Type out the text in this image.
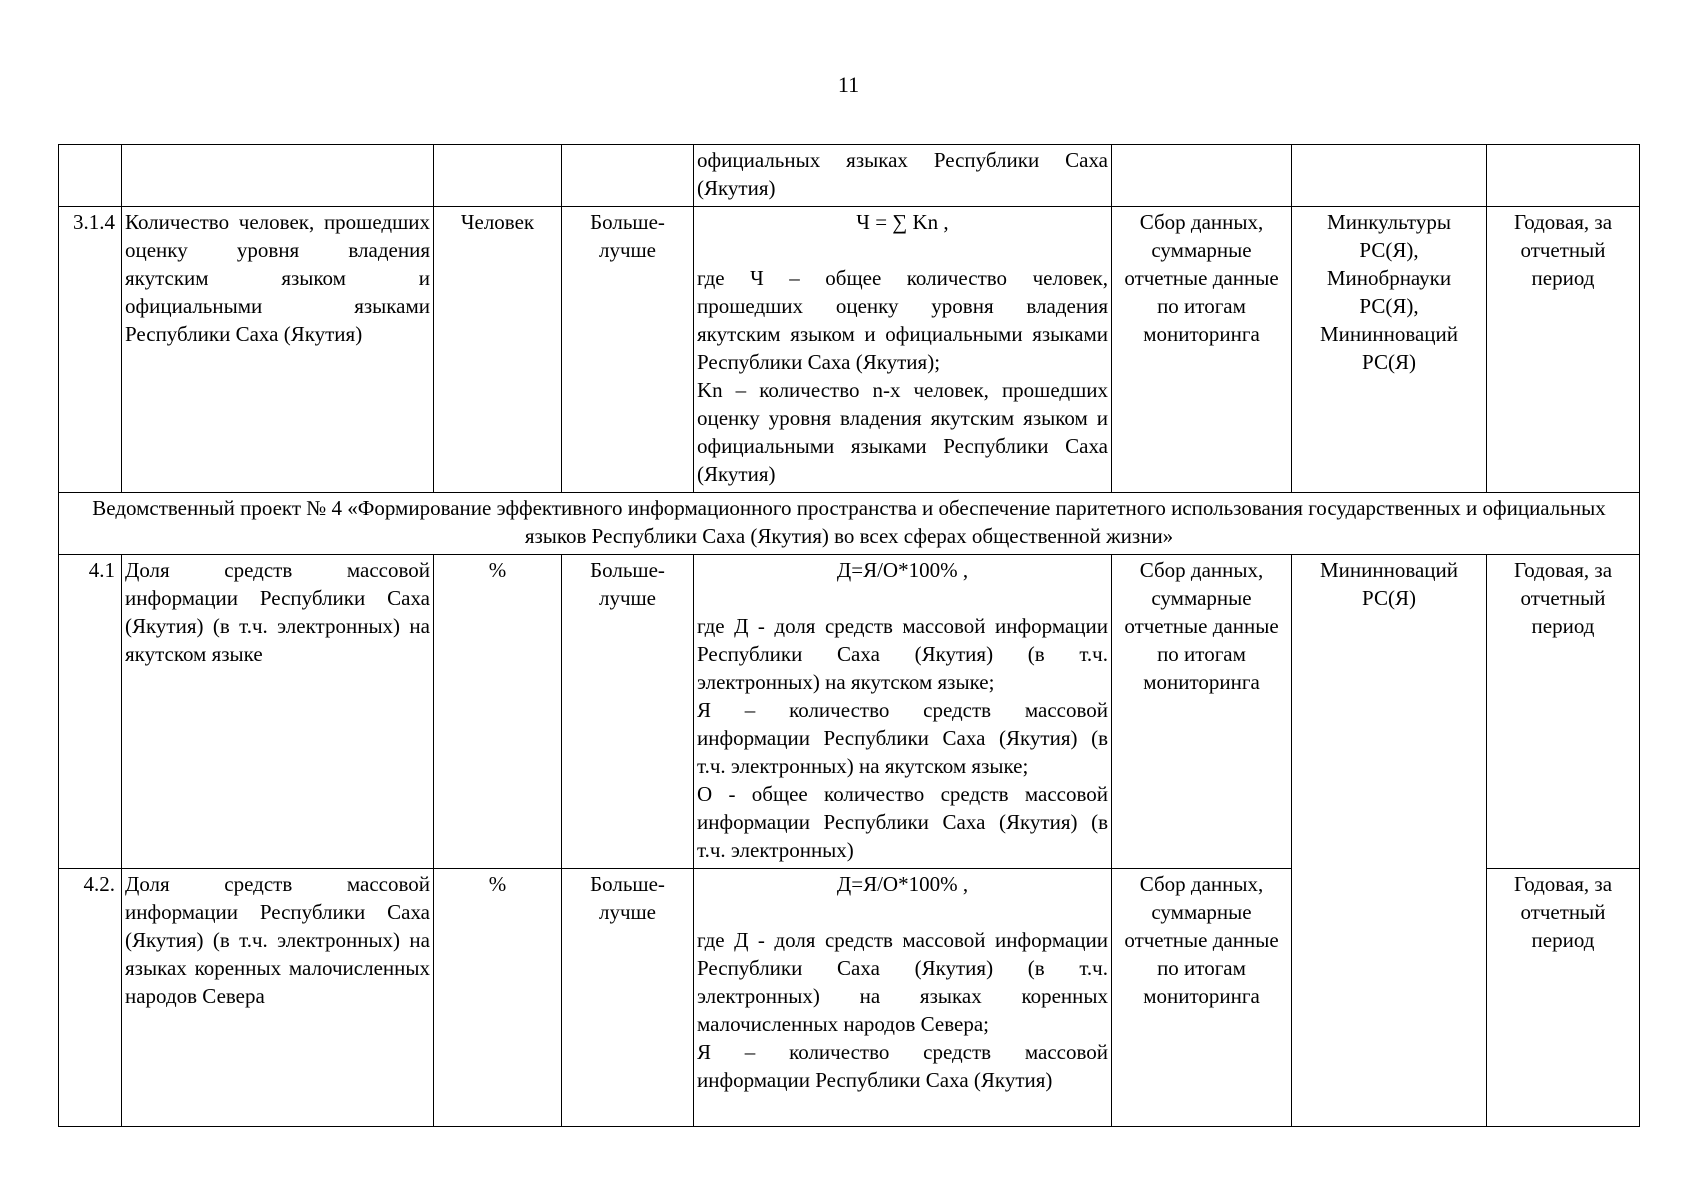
11

				официальных языках Республики Саха (Якутия)			

3.1.4	Количество человек, прошедших оценку уровня владения якутским языком и официальными языками Республики Саха (Якутия)	Человек	Больше-лучше	Ч = ∑ Kn ,
где Ч – общее количество человек, прошедших оценку уровня владения якутским языком и официальными языками Республики Саха (Якутия);
Kn – количество n-х человек, прошедших оценку уровня владения якутским языком и официальными языками Республики Саха (Якутия)	Сбор данных, суммарные отчетные данные по итогам мониторинга	Минкультуры РС(Я), Минобрнауки РС(Я), Мининноваций РС(Я)	Годовая, за отчетный период
Ведомственный проект № 4 «Формирование эффективного информационного пространства и обеспечение паритетного использования государственных и официальных языков Республики Саха (Якутия) во всех сферах общественной жизни»							
4.1	Доля средств массовой информации Республики Саха (Якутия) (в т.ч. электронных) на якутском языке	%	Больше-лучше	Д=Я/О*100% ,
где Д - доля средств массовой информации Республики Саха (Якутия) (в т.ч. электронных) на якутском языке;
Я – количество средств массовой информации Республики Саха (Якутия) (в т.ч. электронных) на якутском языке;
О - общее количество средств массовой информации Республики Саха (Якутия) (в т.ч. электронных)	Сбор данных, суммарные отчетные данные по итогам мониторинга	Мининноваций РС(Я)	Годовая, за отчетный период
4.2.	Доля средств массовой информации Республики Саха (Якутия) (в т.ч. электронных) на языках коренных малочисленных народов Севера	%	Больше-лучше	Д=Я/О*100% ,
где Д - доля средств массовой информации Республики Саха (Якутия) (в т.ч. электронных) на языках коренных малочисленных народов Севера;
Я – количество средств массовой информации Республики Саха (Якутия)	Сбор данных, суммарные отчетные данные по итогам мониторинга		Годовая, за отчетный период
